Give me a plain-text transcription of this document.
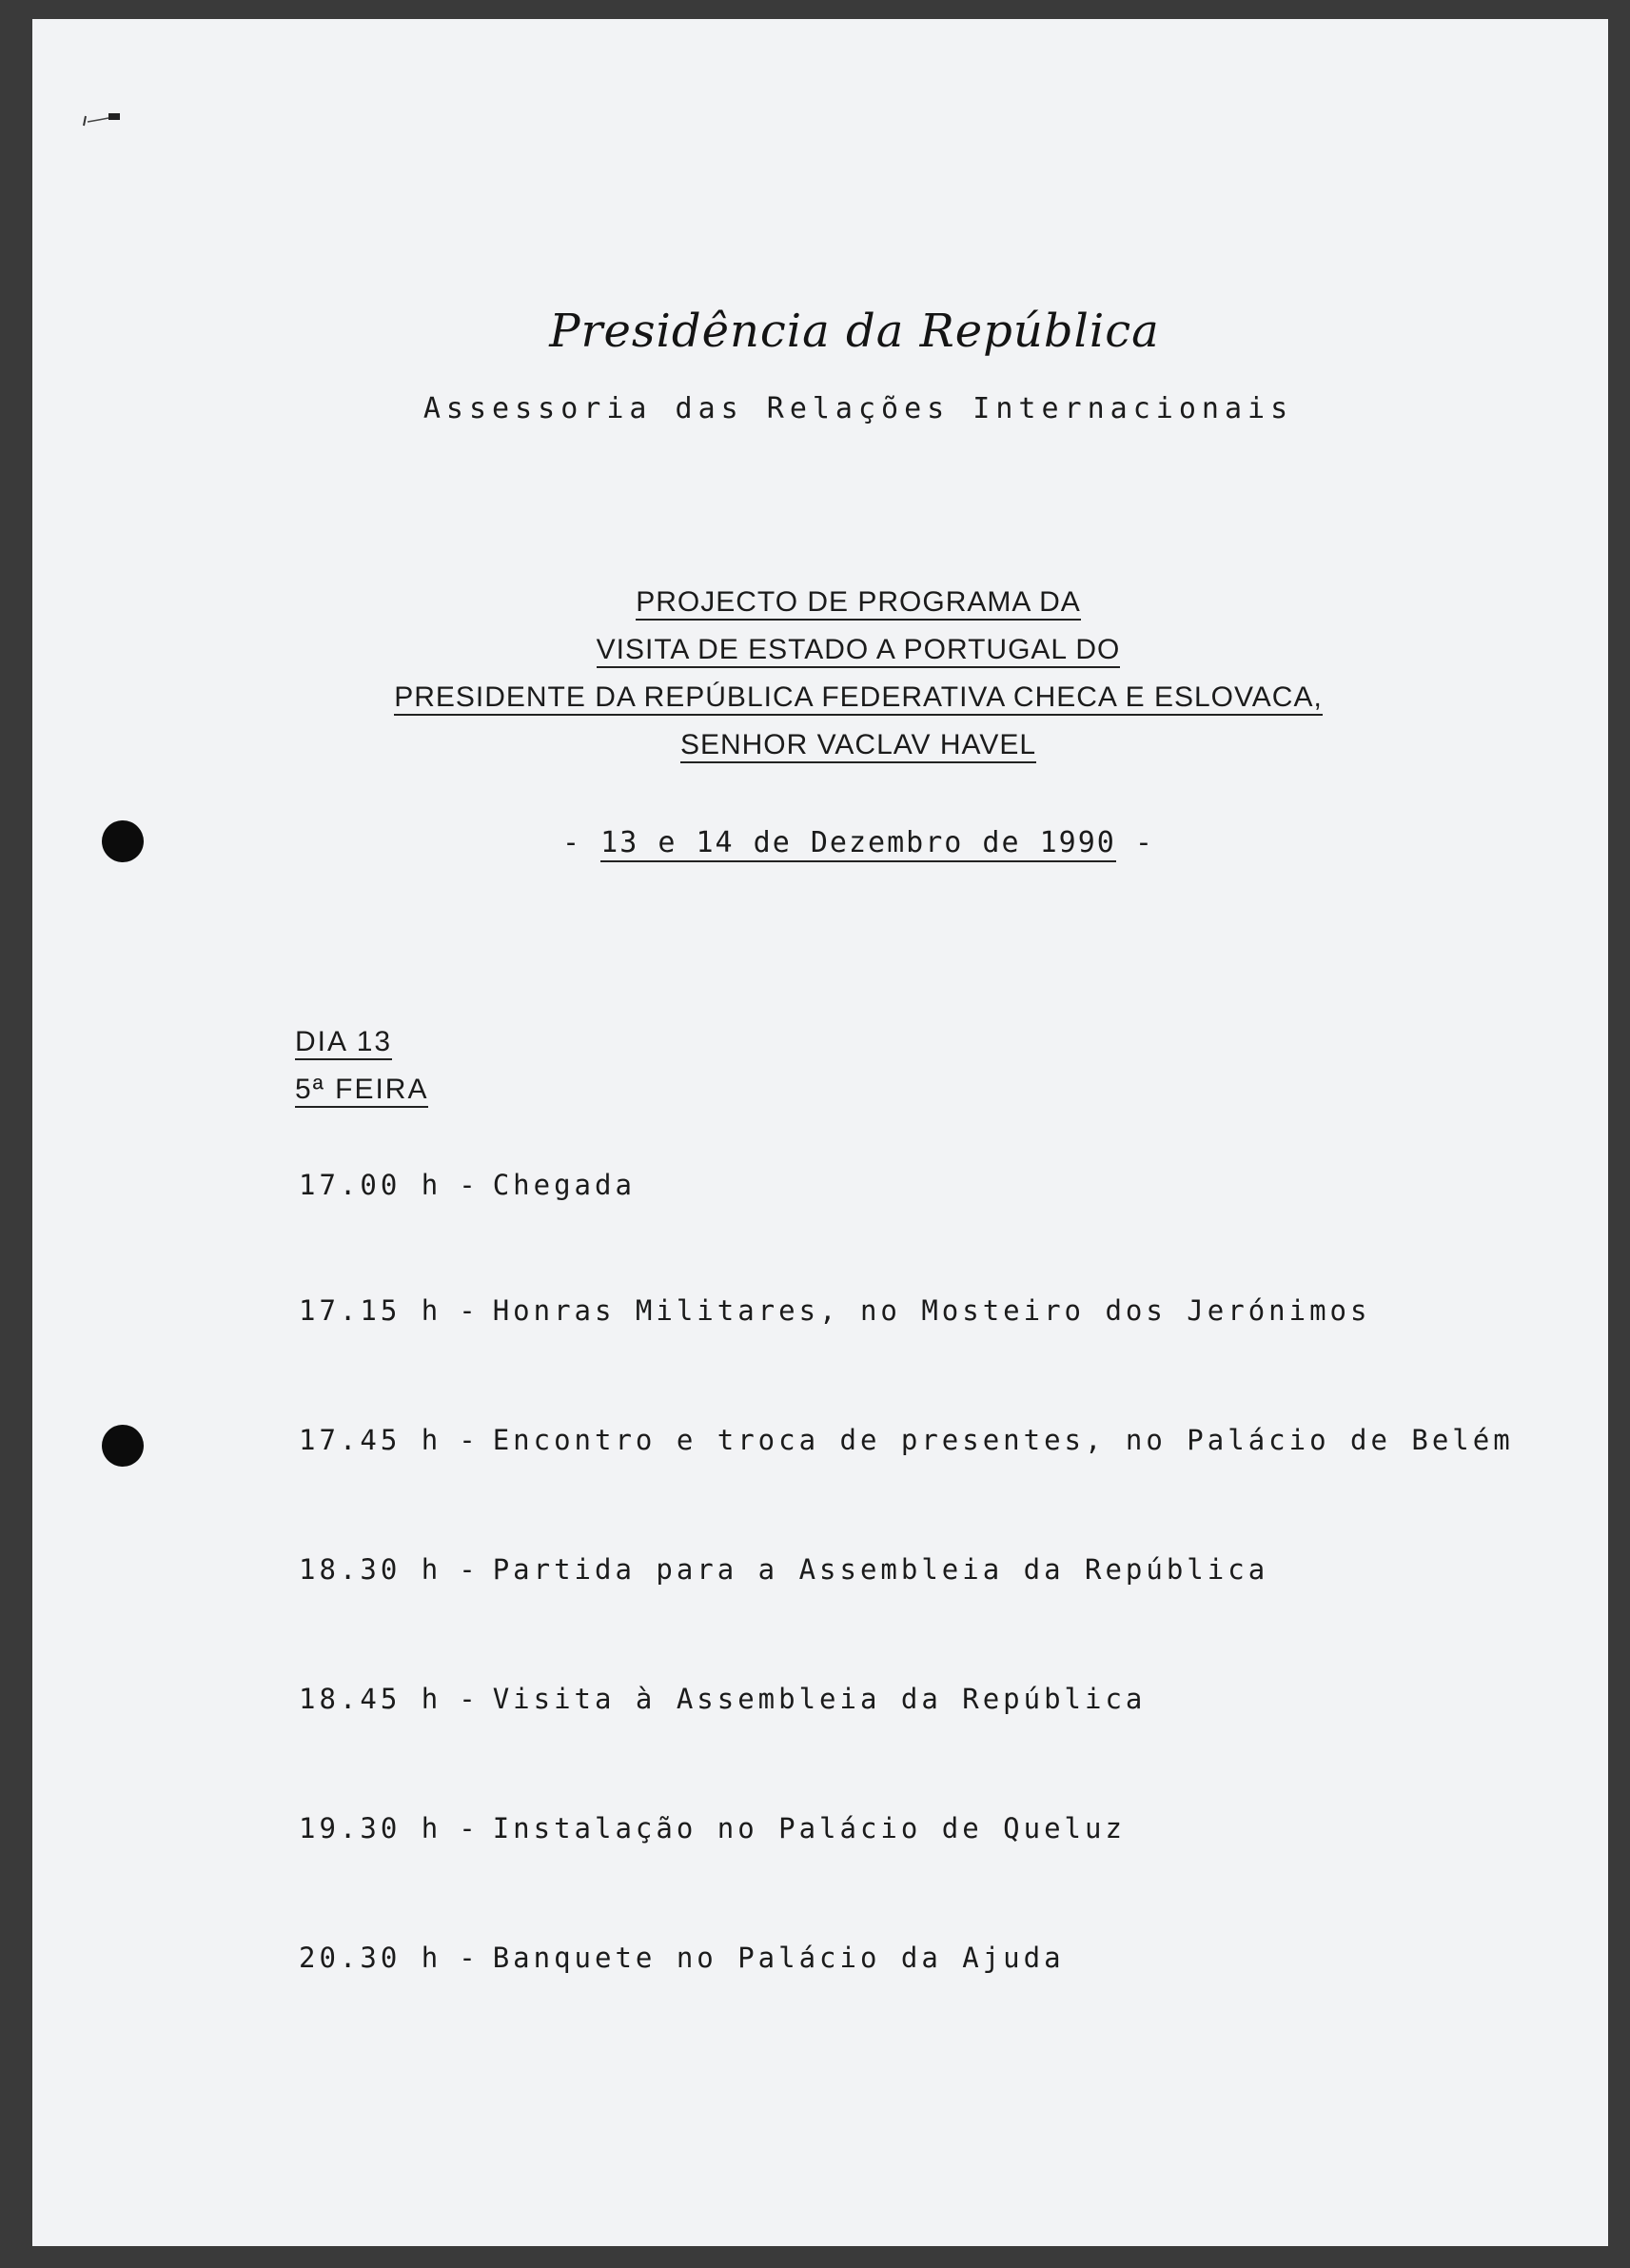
Presidência da República
Assessoria das Relações Internacionais
PROJECTO DE PROGRAMA DA
VISITA DE ESTADO A PORTUGAL DO
PRESIDENTE DA REPÚBLICA FEDERATIVA CHECA E ESLOVACA,
SENHOR VACLAV HAVEL
- 13 e 14 de Dezembro de 1990 -
DIA 13
5ª FEIRA
17.00 h - Chegada
17.15 h - Honras Militares, no Mosteiro dos Jerónimos
17.45 h - Encontro e troca de presentes, no Palácio de Belém
18.30 h - Partida para a Assembleia da República
18.45 h - Visita à Assembleia da República
19.30 h - Instalação no Palácio de Queluz
20.30 h - Banquete no Palácio da Ajuda
